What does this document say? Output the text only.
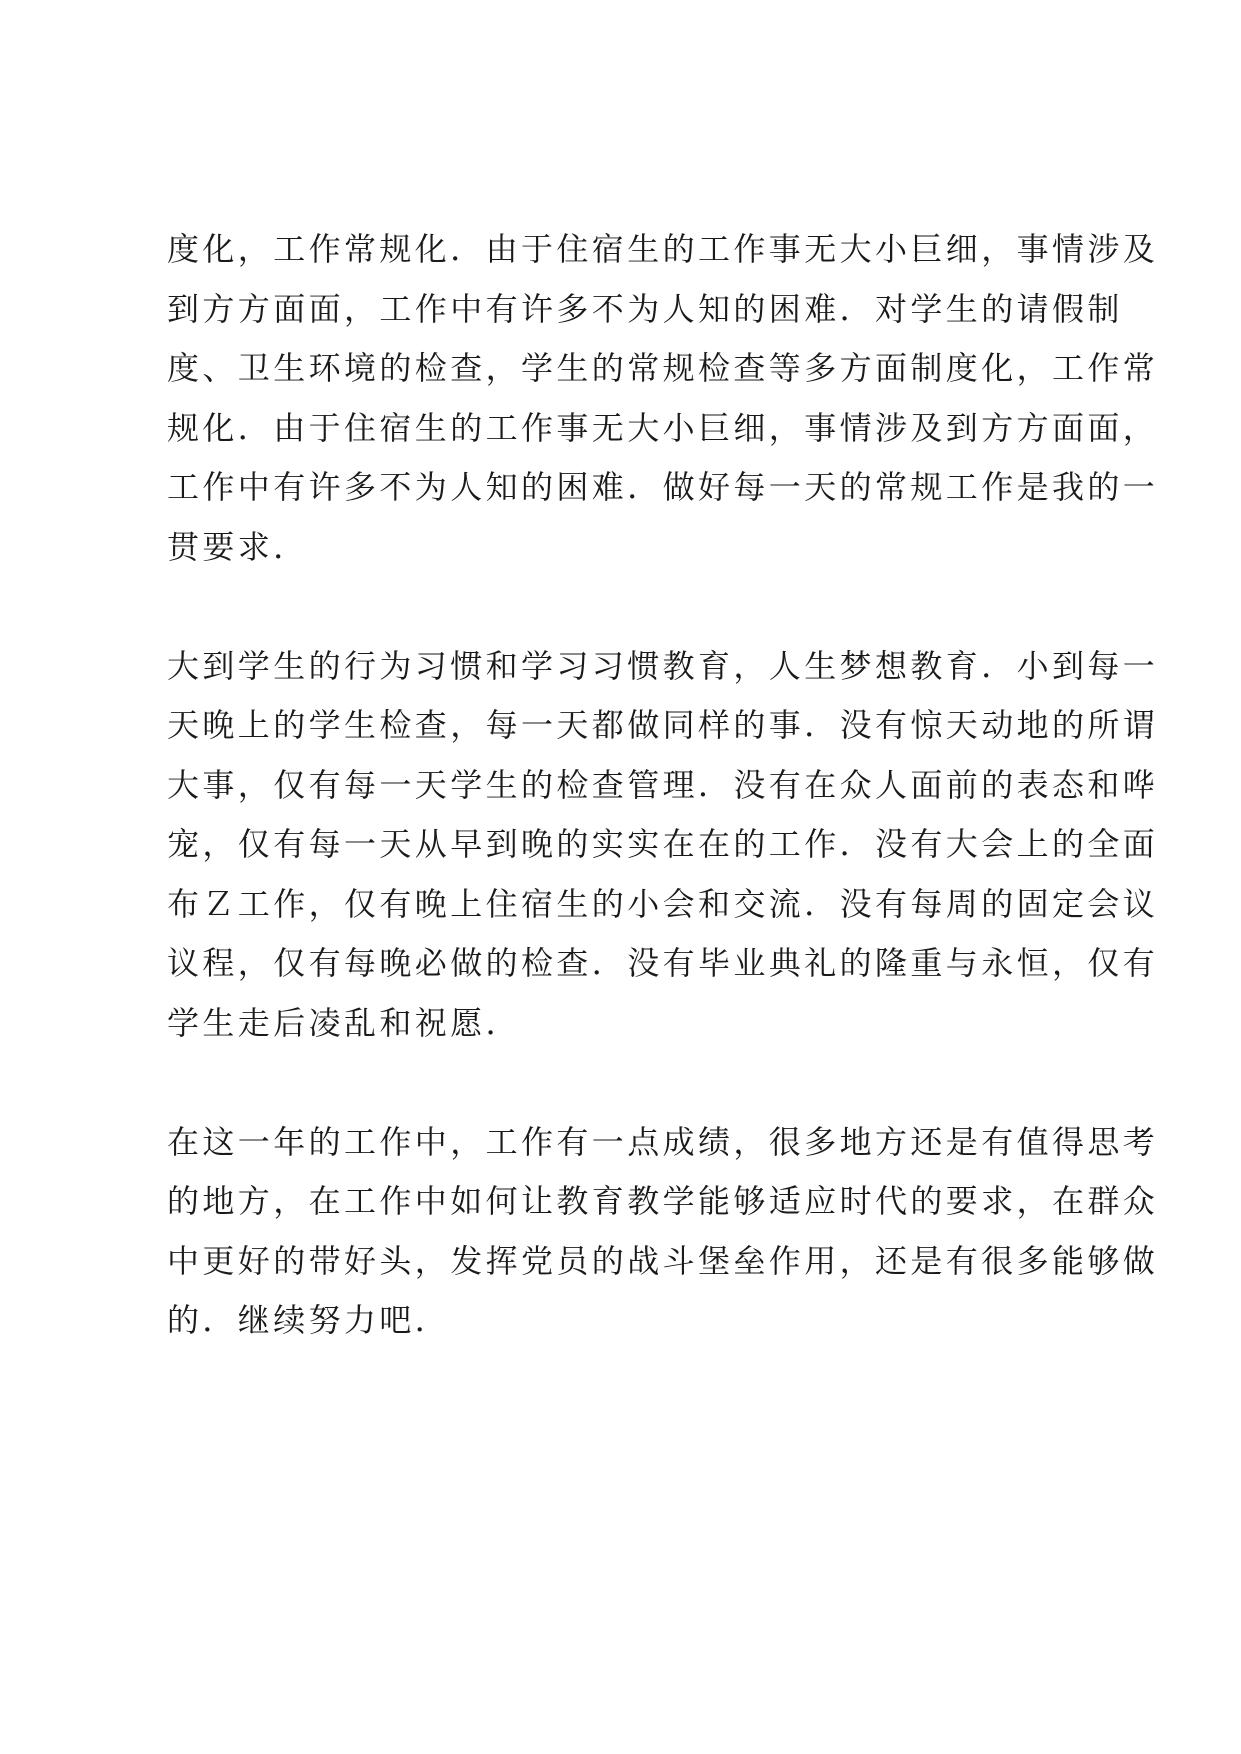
度化，工作常规化．由于住宿生的工作事无大小巨细，事情涉及
到方方面面，工作中有许多不为人知的困难．对学生的请假制
度、卫生环境的检查，学生的常规检查等多方面制度化，工作常
规化．由于住宿生的工作事无大小巨细，事情涉及到方方面面，
工作中有许多不为人知的困难．做好每一天的常规工作是我的一
贯要求．
大到学生的行为习惯和学习习惯教育，人生梦想教育．小到每一
天晚上的学生检查，每一天都做同样的事．没有惊天动地的所谓
大事，仅有每一天学生的检查管理．没有在众人面前的表态和哗
宠，仅有每一天从早到晚的实实在在的工作．没有大会上的全面
布Ｚ工作，仅有晚上住宿生的小会和交流．没有每周的固定会议
议程，仅有每晚必做的检查．没有毕业典礼的隆重与永恒，仅有
学生走后凌乱和祝愿．
在这一年的工作中，工作有一点成绩，很多地方还是有值得思考
的地方，在工作中如何让教育教学能够适应时代的要求，在群众
中更好的带好头，发挥党员的战斗堡垒作用，还是有很多能够做
的．继续努力吧．
